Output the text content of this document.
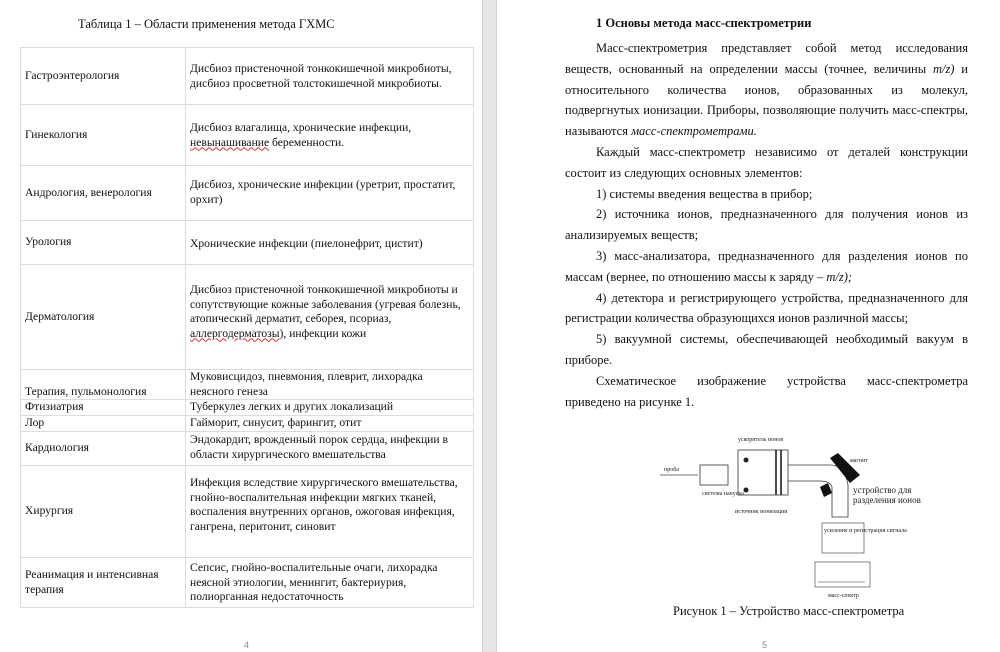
Таблица 1 – Области применения метода ГХМС
Гастроэнтерология	Дисбиоз пристеночной тонкокишечной микробиоты, дисбиоз просветной толстокишечной микробиоты.
Гинекология	Дисбиоз влагалища, хронические инфекции, невынашивание беременности.
Андрология, венерология	Дисбиоз, хронические инфекции (уретрит, простатит, орхит)
Урология	Хронические инфекции (пиелонефрит, цистит)
Дерматология	Дисбиоз пристеночной тонкокишечной микробиоты и сопутствующие кожные заболевания (угревая болезнь, атопический дерматит, себорея, псориаз, аллергодерматозы), инфекции кожи
Терапия, пульмонология	Муковисцидоз, пневмония, плеврит, лихорадка неясного генеза
Фтизиатрия	Туберкулез легких и других локализаций
Лор	Гайморит, синусит, фарингит, отит
Кардиология	Эндокардит, врожденный порок сердца, инфекции в области хирургического вмешательства
Хирургия	Инфекция вследствие хирургического вмешательства, гнойно-воспалительная инфекции мягких тканей, воспаления внутренних органов, ожоговая инфекция, гангрена, перитонит, синовит
Реанимация и интенсивная терапия	Сепсис, гнойно-воспалительные очаги, лихорадка неясной этиологии, менингит, бактериурия, полиорганная недостаточность
4
1 Основы метода масс-спектрометрии

Масс-спектрометрия представляет собой метод исследования веществ, основанный на определении массы (точнее, величины m/z) и относительного количества ионов, образованных из молекул, подвергнутых ионизации. Приборы, позволяющие получить масс-спектры, называются масс-спектрометрами.

Каждый масс-спектрометр независимо от деталей конструкции состоит из следующих основных элементов:

1) системы введения вещества в прибор;

2) источника ионов, предназначенного для получения ионов из анализируемых веществ;

3) масс-анализатора, предназначенного для разделения ионов по массам (вернее, по отношению массы к заряду – m/z);

4) детектора и регистрирующего устройства, предназначенного для регистрации количества образующихся ионов различной массы;

5) вакуумной системы, обеспечивающей необходимый вакуум в приборе.

Схематическое изображение устройства масс-спектрометра приведено на рисунке 1.

проба
система напуска
ускоритель ионов
источник ионизации
магнит
усиление и регистрация сигнала
масс-спектр
устройство для разделения ионов
Рисунок 1 – Устройство масс-спектрометра
5
